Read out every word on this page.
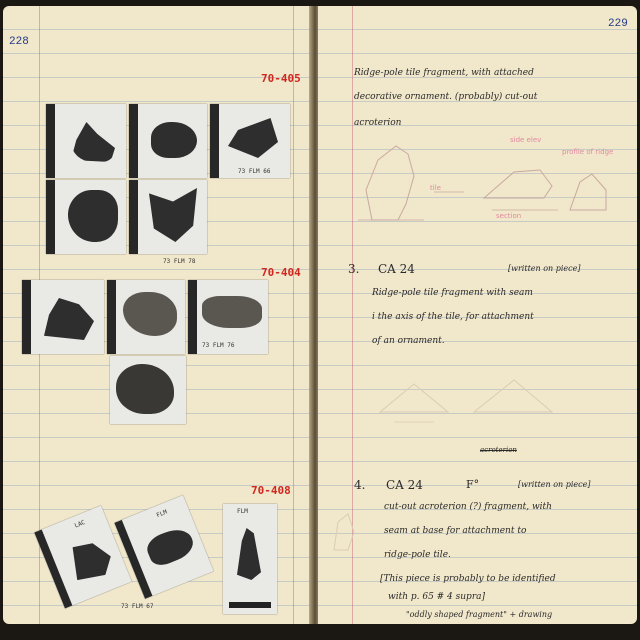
228
70-405
73 FLM 66
73 FLM 78
70-404
73 FLM 76
70-408
LAC
FLM
73 FLM 67
FLM
229
Ridge-pole tile fragment, with attached
decorative ornament. (probably) cut-out
acroterion
side elev
profile of ridge
tile
section
3. CA 24	[written on piece]
Ridge-pole tile fragment with seam
i the axis of the tile, for attachment
of an ornament.
acroterion
4. CA 24	F°	[written on piece]
cut-out acroterion (?) fragment, with
seam at base for attachment to
ridge-pole tile.
[This piece is probably to be identified
with p. 65 # 4 supra]
"oddly shaped fragment" + drawing
